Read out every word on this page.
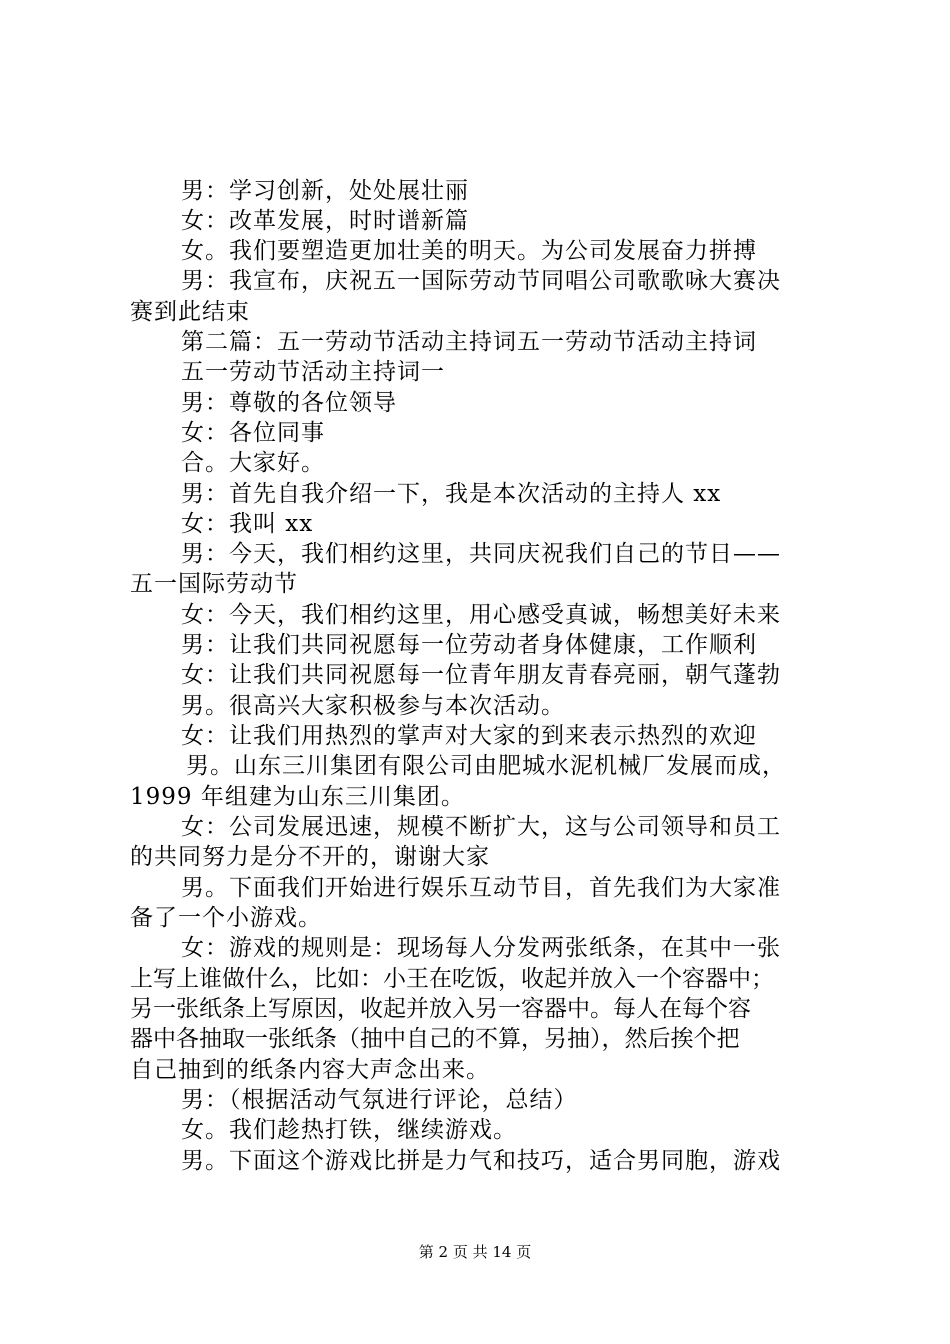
男：学习创新，处处展壮丽
女：改革发展，时时谱新篇
女。我们要塑造更加壮美的明天。为公司发展奋力拼搏
男：我宣布，庆祝五一国际劳动节同唱公司歌歌咏大赛决
赛到此结束
第二篇：五一劳动节活动主持词五一劳动节活动主持词
五一劳动节活动主持词一
男：尊敬的各位领导
女：各位同事
合。大家好。
男：首先自我介绍一下，我是本次活动的主持人 xx
女：我叫 xx
男：今天，我们相约这里，共同庆祝我们自己的节日——
五一国际劳动节
女：今天，我们相约这里，用心感受真诚，畅想美好未来
男：让我们共同祝愿每一位劳动者身体健康，工作顺利
女：让我们共同祝愿每一位青年朋友青春亮丽，朝气蓬勃
男。很高兴大家积极参与本次活动。
女：让我们用热烈的掌声对大家的到来表示热烈的欢迎
男。山东三川集团有限公司由肥城水泥机械厂发展而成，
1999 年组建为山东三川集团。
女：公司发展迅速，规模不断扩大，这与公司领导和员工
的共同努力是分不开的，谢谢大家
男。下面我们开始进行娱乐互动节目，首先我们为大家准
备了一个小游戏。
女：游戏的规则是：现场每人分发两张纸条，在其中一张
上写上谁做什么，比如：小王在吃饭，收起并放入一个容器中；
另一张纸条上写原因，收起并放入另一容器中。每人在每个容
器中各抽取一张纸条（抽中自己的不算，另抽），然后挨个把
自己抽到的纸条内容大声念出来。
男：（根据活动气氛进行评论，总结）
女。我们趁热打铁，继续游戏。
男。下面这个游戏比拼是力气和技巧，适合男同胞，游戏
第 2 页 共 14 页
